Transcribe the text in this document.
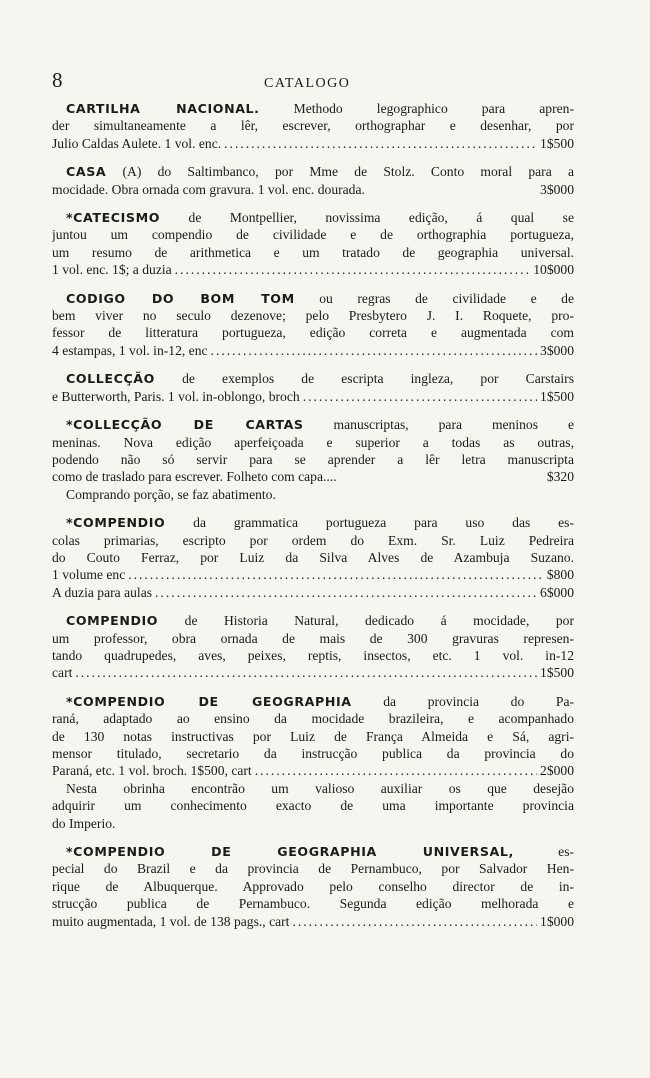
8	CATALOGO
CARTILHA NACIONAL.	Methodo legographico para apren-
der simultaneamente a lêr, escrever, orthographar e desenhar, por
Julio Caldas Aulete. 1 vol. enc. .....	1$500
CASA (A) do Saltimbanco, por Mme de Stolz. Conto moral para a
mocidade. Obra ornada com gravura. 1 vol. enc. dourada.	3$000
*CATECISMO de Montpellier, novissima edição, á qual se
juntou um compendio de civilidade e de orthographia portugueza,
um resumo de arithmetica e um tratado de geographia universal.
1 vol. enc. 1$; a duzia .....	10$000
CODIGO DO BOM TOM ou regras de civilidade e de
bem viver no seculo dezenove; pelo Presbytero J. I. Roquete, pro-
fessor de litteratura portugueza, edição correta e augmentada com
4 estampas, 1 vol. in-12, enc .....	3$000
COLLECÇÃO de exemplos de escripta ingleza, por Carstairs
e Butterworth, Paris. 1 vol. in-oblongo, broch .....	1$500
*COLLECÇÃO DE CARTAS manuscriptas, para meninos e
meninas. Nova edição aperfeiçoada e superior a todas as outras,
podendo não só servir para se aprender a lêr letra manuscripta
como de traslado para escrever. Folheto com capa....	$320
Comprando porção, se faz abatimento.
*COMPENDIO da grammatica portugueza para uso das es-
colas primarias, escripto por ordem do Exm. Sr. Luiz Pedreira
do Couto Ferraz, por Luiz da Silva Alves de Azambuja Suzano.
1 volume enc .....	$800
A duzia para aulas .....	6$000
COMPENDIO de Historia Natural, dedicado á mocidade, por
um professor, obra ornada de mais de 300 gravuras represen-
tando quadrupedes, aves, peixes, reptis, insectos, etc. 1 vol. in-12
cart .....	1$500
*COMPENDIO DE GEOGRAPHIA da provincia do Pa-
raná, adaptado ao ensino da mocidade brazileira, e acompanhado
de 130 notas instructivas por Luiz de França Almeida e Sá, agri-
mensor titulado, secretario da instrucção publica da provincia do
Paraná, etc. 1 vol. broch. 1$500, cart .....	2$000
Nesta obrinha encontrão um valioso auxiliar os que desejão
adquirir um conhecimento exacto de uma importante provincia
do Imperio.
*COMPENDIO DE GEOGRAPHIA UNIVERSAL,	es-
pecial do Brazil e da provincia de Pernambuco, por Salvador Hen-
rique de Albuquerque. Approvado pelo conselho director de in-
strucção publica de Pernambuco. Segunda edição melhorada e
muito augmentada, 1 vol. de 138 pags., cart .....	1$000
